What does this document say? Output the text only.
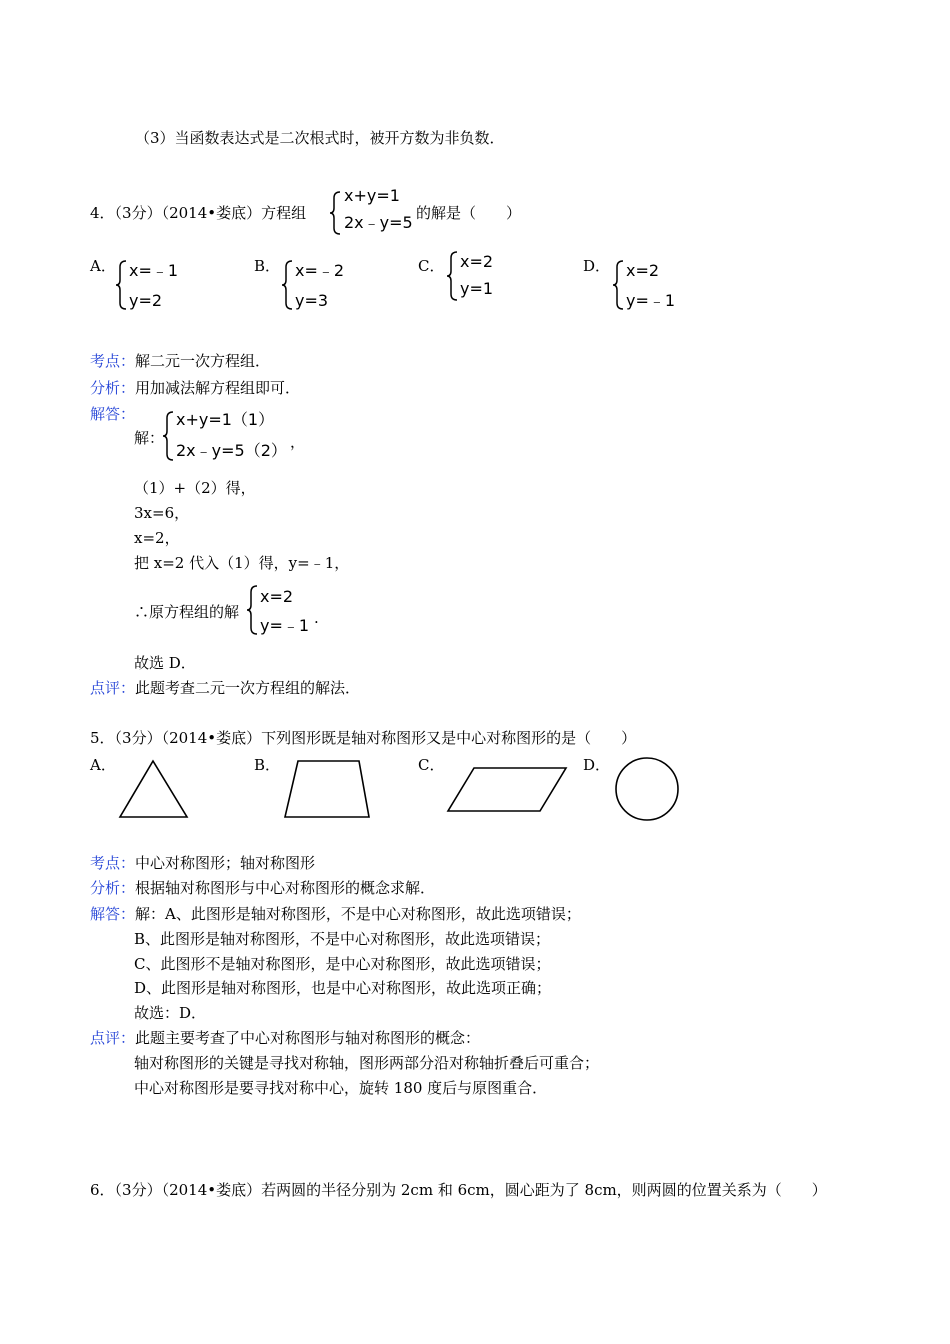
（3）当函数表达式是二次根式时，被开方数为非负数．
4．（3分）（2014•娄底）方程组
x+y=1
2x﹣y=5 的解是（　　）
A． x=﹣1
y=2
B． x=﹣2
y=3
C． x=2
y=1
D． x=2
y=﹣1
考点：解二元一次方程组．
分析：用加减法解方程组即可．
解答：
解：
x+y=1（1）
2x﹣y=5（2） ，
（1）+（2）得，
3x=6，
x=2，
把 x=2 代入（1）得，y=﹣1，
∴原方程组的解
x=2
y=﹣1 .
故选 D．
点评：此题考查二元一次方程组的解法．
5．（3分）（2014•娄底）下列图形既是轴对称图形又是中心对称图形的是（　　）
A．	B．	C．	D．
考点：中心对称图形；轴对称图形
分析：根据轴对称图形与中心对称图形的概念求解．
解答：解：A、此图形是轴对称图形，不是中心对称图形，故此选项错误；
B、此图形是轴对称图形，不是中心对称图形，故此选项错误；
C、此图形不是轴对称图形，是中心对称图形，故此选项错误；
D、此图形是轴对称图形，也是中心对称图形，故此选项正确；
故选：D．
点评：此题主要考查了中心对称图形与轴对称图形的概念：
轴对称图形的关键是寻找对称轴，图形两部分沿对称轴折叠后可重合；
中心对称图形是要寻找对称中心，旋转 180 度后与原图重合．
6．（3分）（2014•娄底）若两圆的半径分别为 2cm 和 6cm，圆心距为了 8cm，则两圆的位置关系为（　　）
